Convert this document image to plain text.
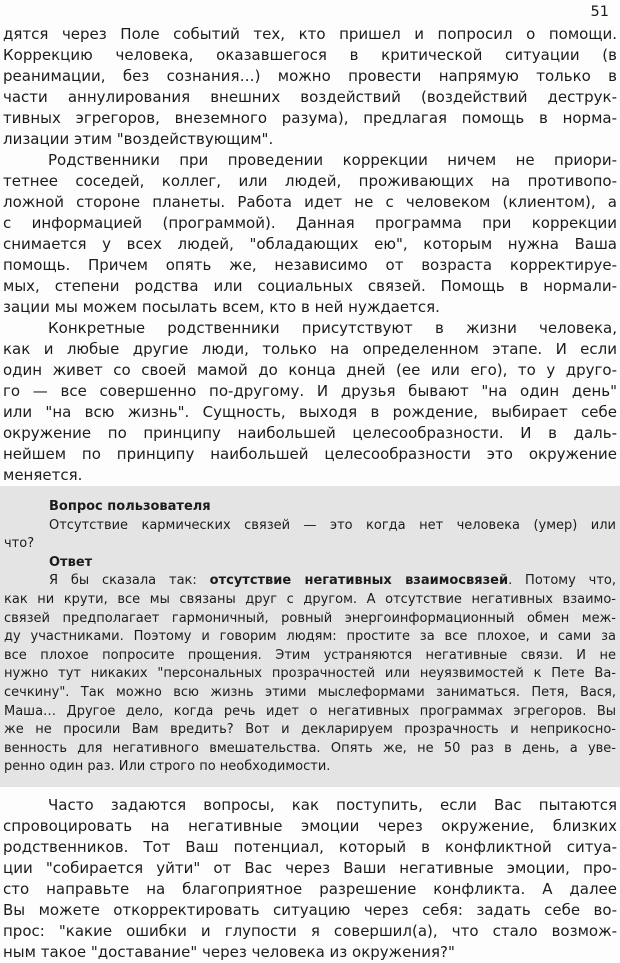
51
дятся через Поле событий тех, кто пришел и попросил о помощи.
Коррекцию человека, оказавшегося в критической ситуации (в
реанимации, без сознания…) можно провести напрямую только в
части аннулирования внешних воздействий (воздействий деструк-
тивных эгрегоров, внеземного разума), предлагая помощь в норма-
лизации этим "воздействующим".
Родственники при проведении коррекции ничем не приори-
тетнее соседей, коллег, или людей, проживающих на противопо-
ложной стороне планеты. Работа идет не с человеком (клиентом), а
с информацией (программой). Данная программа при коррекции
снимается у всех людей, "обладающих ею", которым нужна Ваша
помощь. Причем опять же, независимо от возраста корректируе-
мых, степени родства или социальных связей. Помощь в нормали-
зации мы можем посылать всем, кто в ней нуждается.
Конкретные родственники присутствуют в жизни человека,
как и любые другие люди, только на определенном этапе. И если
один живет со своей мамой до конца дней (ее или его), то у друго-
го — все совершенно по-другому. И друзья бывают "на один день"
или "на всю жизнь". Сущность, выходя в рождение, выбирает себе
окружение по принципу наибольшей целесообразности. И в даль-
нейшем по принципу наибольшей целесообразности это окружение
меняется.
Вопрос пользователя
Отсутствие кармических связей — это когда нет человека (умер) или
что?
Ответ
Я бы сказала так: отсутствие негативных взаимосвязей. Потому что,
как ни крути, все мы связаны друг с другом. А отсутствие негативных взаимо-
связей предполагает гармоничный, ровный энергоинформационный обмен меж-
ду участниками. Поэтому и говорим людям: простите за все плохое, и сами за
все плохое попросите прощения. Этим устраняются негативные связи. И не
нужно тут никаких "персональных прозрачностей или неуязвимостей к Пете Ва-
сечкину". Так можно всю жизнь этими мыслеформами заниматься. Петя, Вася,
Маша… Другое дело, когда речь идет о негативных программах эгрегоров. Вы
же не просили Вам вредить? Вот и декларируем прозрачность и неприкосно-
венность для негативного вмешательства. Опять же, не 50 раз в день, а уве-
ренно один раз. Или строго по необходимости.
Часто задаются вопросы, как поступить, если Вас пытаются
спровоцировать на негативные эмоции через окружение, близких
родственников. Тот Ваш потенциал, который в конфликтной ситуа-
ции "собирается уйти" от Вас через Ваши негативные эмоции, про-
сто направьте на благоприятное разрешение конфликта. А далее
Вы можете откорректировать ситуацию через себя: задать себе во-
прос: "какие ошибки и глупости я совершил(а), что стало возмож-
ным такое "доставание" через человека из окружения?"
